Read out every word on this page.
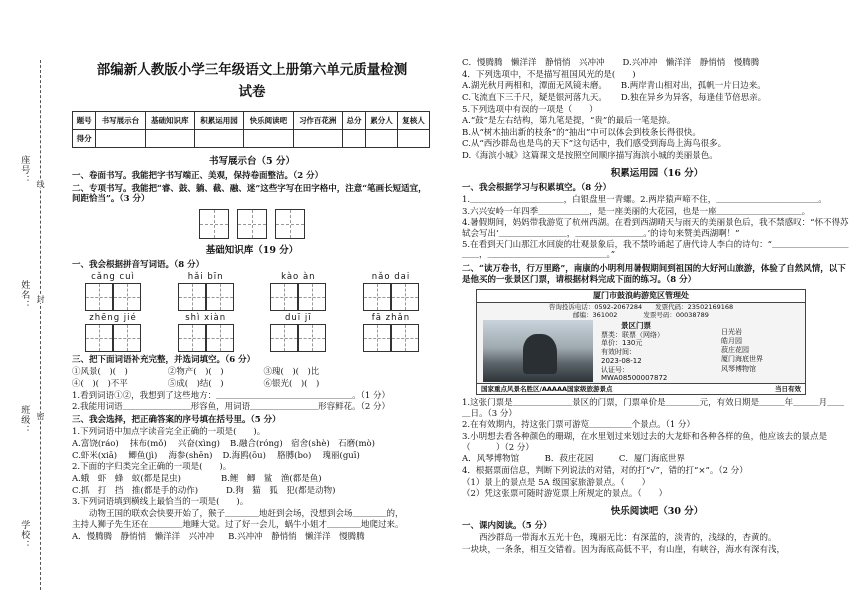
座号：
姓名：
班级：
学校：
线
封
密
部编新人教版小学三年级语文上册第六单元质量检测
试卷
题号	书写展示台	基础知识库	积累运用园	快乐阅读吧	习作百花洲	总分	累分人	复核人
得分								
书写展示台（5 分）
一、卷面书写。我能把字书写端正、美观，保持卷面整洁。（2 分）
二、专项书写。我能把“睿、鼓、躺、截、融、迷”这些字写在田字格中，注意“笔画长短适宜，间距恰当”。（3 分）
基础知识库（19 分）
一、我会根据拼音写词语。（8 分）
cǎng cuì	hǎi bīn	kào àn	nǎo dai
zhēng jié	shì xiàn	duī jī	fā zhǎn
三、把下面词语补充完整，并选词填空。（6 分）
①风景(　)(　)	②物产(　)(　)	③瑰(　)(　)比
④(　)(　)不平	⑤成(　)结(　)	⑥银光(　)(　)
1.看到词语①②，我想到了这些地方：＿＿＿＿＿＿＿＿＿＿＿＿＿＿＿＿。（1 分）
2.我能用词语＿＿＿＿＿＿＿＿形容鱼，用词语＿＿＿＿＿＿＿＿形容鲜花。（2 分）
三、我会选择，把正确答案的序号填在括号里。（5 分）
1.下列词语中加点字读音完全正确的一项是(　　)。
A.富饶(ráo)　 抹布(mǒ)　 兴奋(xìng) B.融合(róng)　宿舍(shè)　石磨(mò)
C.虾米(xiā)　 鲫鱼(jì)　 海参(shēn) D.海鸥(ōu)　 胳膊(bo)　 瑰丽(guī)
2.下面的字归类完全正确的一项是(　　)。
A.蛾　虾　蜂　蚁(都是昆虫)	B.鲤　鲫　鲨　渔(都是鱼)
C.抓　打　挡　推(都是手的动作)	D.狗　猫　狐　犯(都是动物)
3.下列词语填到横线上最恰当的一项是(　　)。
　　动物王国的联欢会快要开始了，猴子＿＿＿＿地赶到会场，没想到会场＿＿＿＿的，
主持人狮子先生还在＿＿＿＿地睡大觉。过了好一会儿，蜗牛小姐才＿＿＿＿地爬过来。
A．慢腾腾　静悄悄　懒洋洋　兴冲冲 B.兴冲冲　静悄悄　懒洋洋　慢腾腾
C．慢腾腾　懒洋洋　静悄悄　兴冲冲 D.兴冲冲　懒洋洋　静悄悄　慢腾腾
4．下列选项中，不是描写祖国风光的是(　　)
A.湖光秋月两相和，潭面无风镜未磨。 B.两岸青山相对出，孤帆一片日边来。
C.飞流直下三千尺，疑是银河落九天。 D.独在异乡为异客，每逢佳节倍思亲。
5.下列选项中有误的一项是（　　）
A.“鼓”是左右结构，第九笔是提，“贵”的最后一笔是捺。
B.从“树木抽出新的枝条”的“抽出”中可以体会到枝条长得很快。
C.从“西沙群岛也是鸟的天下”这句话中，我们感受到海岛上海鸟很多。
D.《海滨小城》这篇课文是按照空间顺序描写海滨小城的美丽景色。
积累运用园（16 分）
一、我会根据学习与积累填空。（8 分）
1.＿＿＿＿＿＿＿＿＿＿＿，白银盘里一青螺。2.两岸猿声啼不住，＿＿＿＿＿＿＿＿＿＿＿＿。
3.六兴安岭一年四季＿＿＿＿＿＿，是一座美丽的大花园，也是一座＿＿＿＿＿＿＿＿＿＿。
4.暑假期间，妈妈带我游览了杭州西湖。在看到西湖晴天与雨天的美丽景色后，我不禁感叹：“怀不得苏轼会写出‘＿＿＿＿＿＿＿＿，＿＿＿＿＿＿＿＿。’的诗句来赞美西湖啊！”
5.在看到天门山那江水回旋的壮观景象后，我不禁吟诵起了唐代诗人李白的诗句：“＿＿＿＿＿＿＿＿＿＿＿，＿＿＿＿＿＿＿＿＿＿＿＿＿＿。”
二、“读万卷书，行万里路”，南康的小明利用暑假期间到祖国的大好河山旅游，体验了自然风情，以下是他买的一张景区门票，请根据材料完成下面的练习。（8 分）
厦门市鼓浪屿游览区管理处
咨询投诉电话：0592-2067284　　发票代码：23502169168
邮编：361002　　　　发票号码：00038789
景区门票
票类：联票（网络）
单价：130元
有效时间：
2023-08-12
认证号：
MWA08500007872
日光岩
皓月园
菽庄花园
厦门海底世界
风琴博物馆
国家重点风景名胜区/AAAAA国家级旅游景点	当日有效
1.这张门票是＿＿＿＿＿＿＿景区的门票，门票单价是＿＿＿＿元，有效日期是＿＿＿年＿＿＿月＿＿＿日。（3 分）
2.在有效期内，持这张门票可游览＿＿＿＿＿个景点。（1 分）
3.小明想去看各种颜色的珊瑚，在水里划过来划过去的大龙虾和各种各样的鱼，他应该去的景点是（　　　）（2 分）
A．风琴博物馆　　　B．菽庄花园　　　C．厦门海底世界
4．根据票面信息，判断下列说法的对错，对的打“√”，错的打“×”。（2 分）
（1）景上的景点是 5A 级国家旅游景点。（　　）
（2）凭这张票可随时游览票上所规定的景点。（　　）
快乐阅读吧（30 分）
一、课内阅读。（5 分）
　　西沙群岛一带海水五光十色，瑰丽无比：有深蓝的，淡青的，浅绿的，杏黄的。
一块块，一条条，相互交错着。因为海底高低不平，有山崖，有峡谷，海水有深有浅，
